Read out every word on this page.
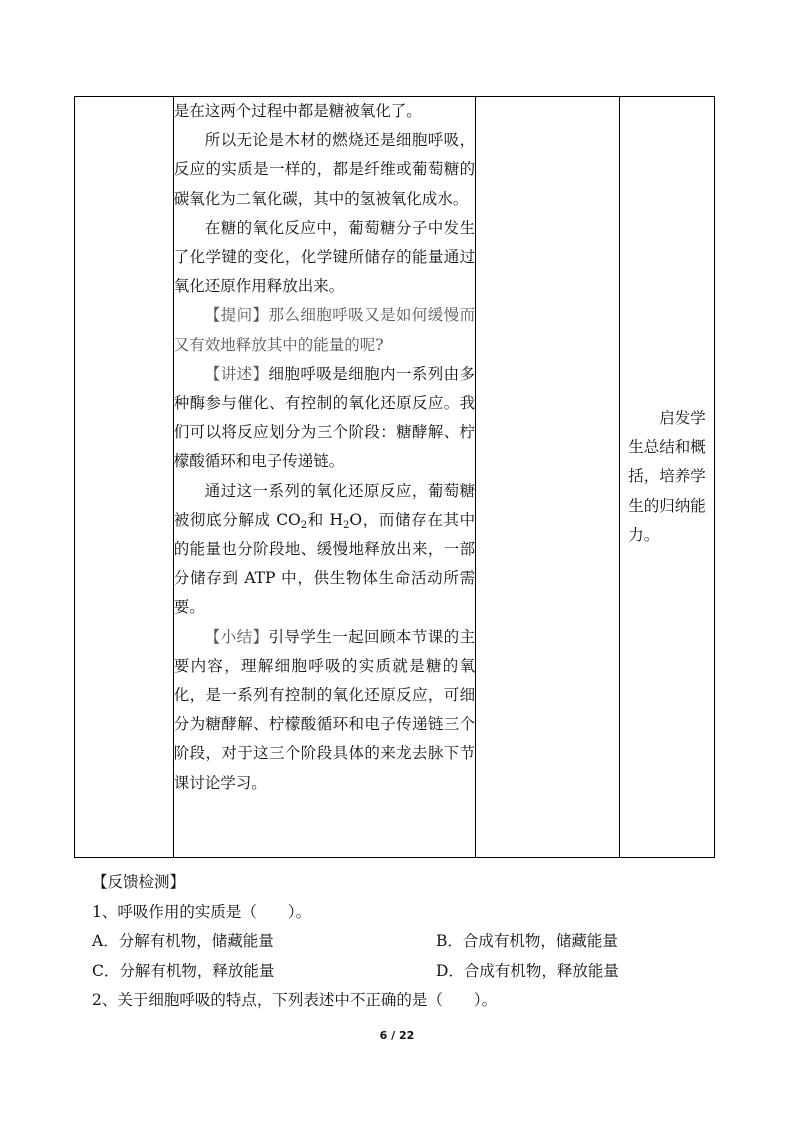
是在这两个过程中都是糖被氧化了。

所以无论是木材的燃烧还是细胞呼吸，反应的实质是一样的，都是纤维或葡萄糖的碳氧化为二氧化碳，其中的氢被氧化成水。

在糖的氧化反应中，葡萄糖分子中发生了化学键的变化，化学键所储存的能量通过氧化还原作用释放出来。

【提问】那么细胞呼吸又是如何缓慢而又有效地释放其中的能量的呢?

【讲述】细胞呼吸是细胞内一系列由多种酶参与催化、有控制的氧化还原反应。我们可以将反应划分为三个阶段：糖酵解、柠檬酸循环和电子传递链。

通过这一系列的氧化还原反应，葡萄糖被彻底分解成 $CO_2$和 $H_2O$，而储存在其中的能量也分阶段地、缓慢地释放出来，一部分储存到 ATP 中，供生物体生命活动所需要。

【小结】引导学生一起回顾本节课的主要内容，理解细胞呼吸的实质就是糖的氧化，是一系列有控制的氧化还原反应，可细分为糖酵解、柠檬酸循环和电子传递链三个阶段，对于这三个阶段具体的来龙去脉下节课讨论学习。

启发学生总结和概括，培养学生的归纳能力。

【反馈检测】
1、呼吸作用的实质是（　　）。
A．分解有机物，储藏能量	B．合成有机物，储藏能量
C．分解有机物，释放能量	D．合成有机物，释放能量
2、关于细胞呼吸的特点，下列表述中不正确的是（　　）。
6 / 22
